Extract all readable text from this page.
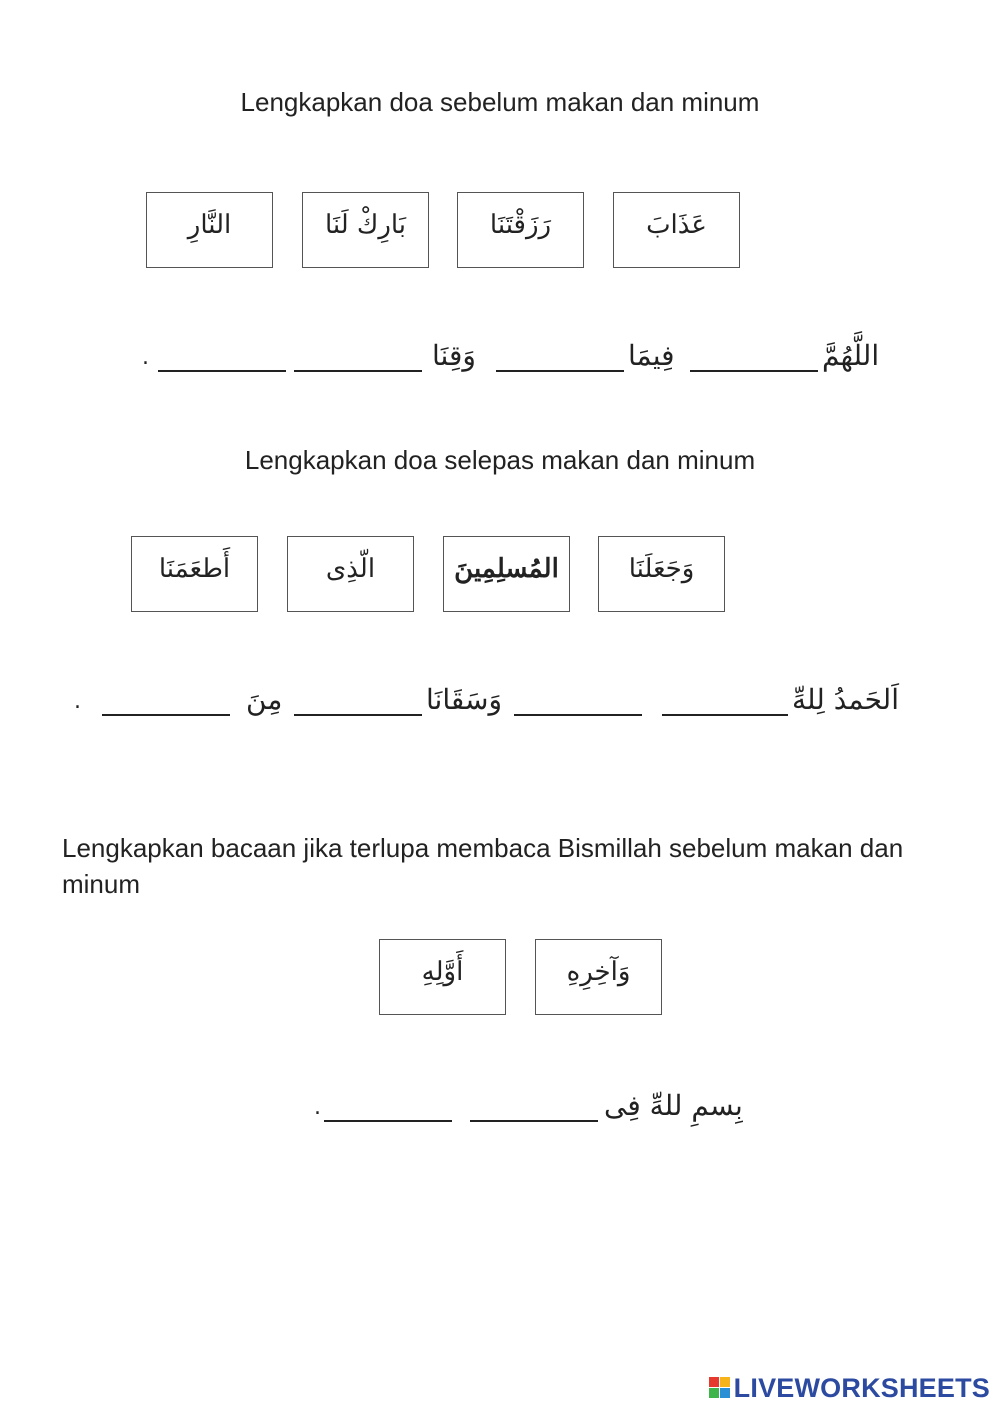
Lengkapkan doa sebelum makan dan minum
النَّارِ	بَارِكْ لَنَا	رَزَقْتَنَا	عَذَابَ
اللَّهُمَّ
فِيمَا
وَقِنَا
.
Lengkapkan doa selepas makan dan minum
أَطعَمَنَا	الّذِى	المُسلِمِينَ	وَجَعَلَنَا
اَلحَمدُ لِلهِّ
وَسَقَانَا
مِنَ
.
Lengkapkan bacaan jika terlupa membaca Bismillah sebelum makan dan minum
أَوَّلِهِ	وَآخِرِهِ
بِسمِ للهِّ فِى
.
LIVEWORKSHEETS
